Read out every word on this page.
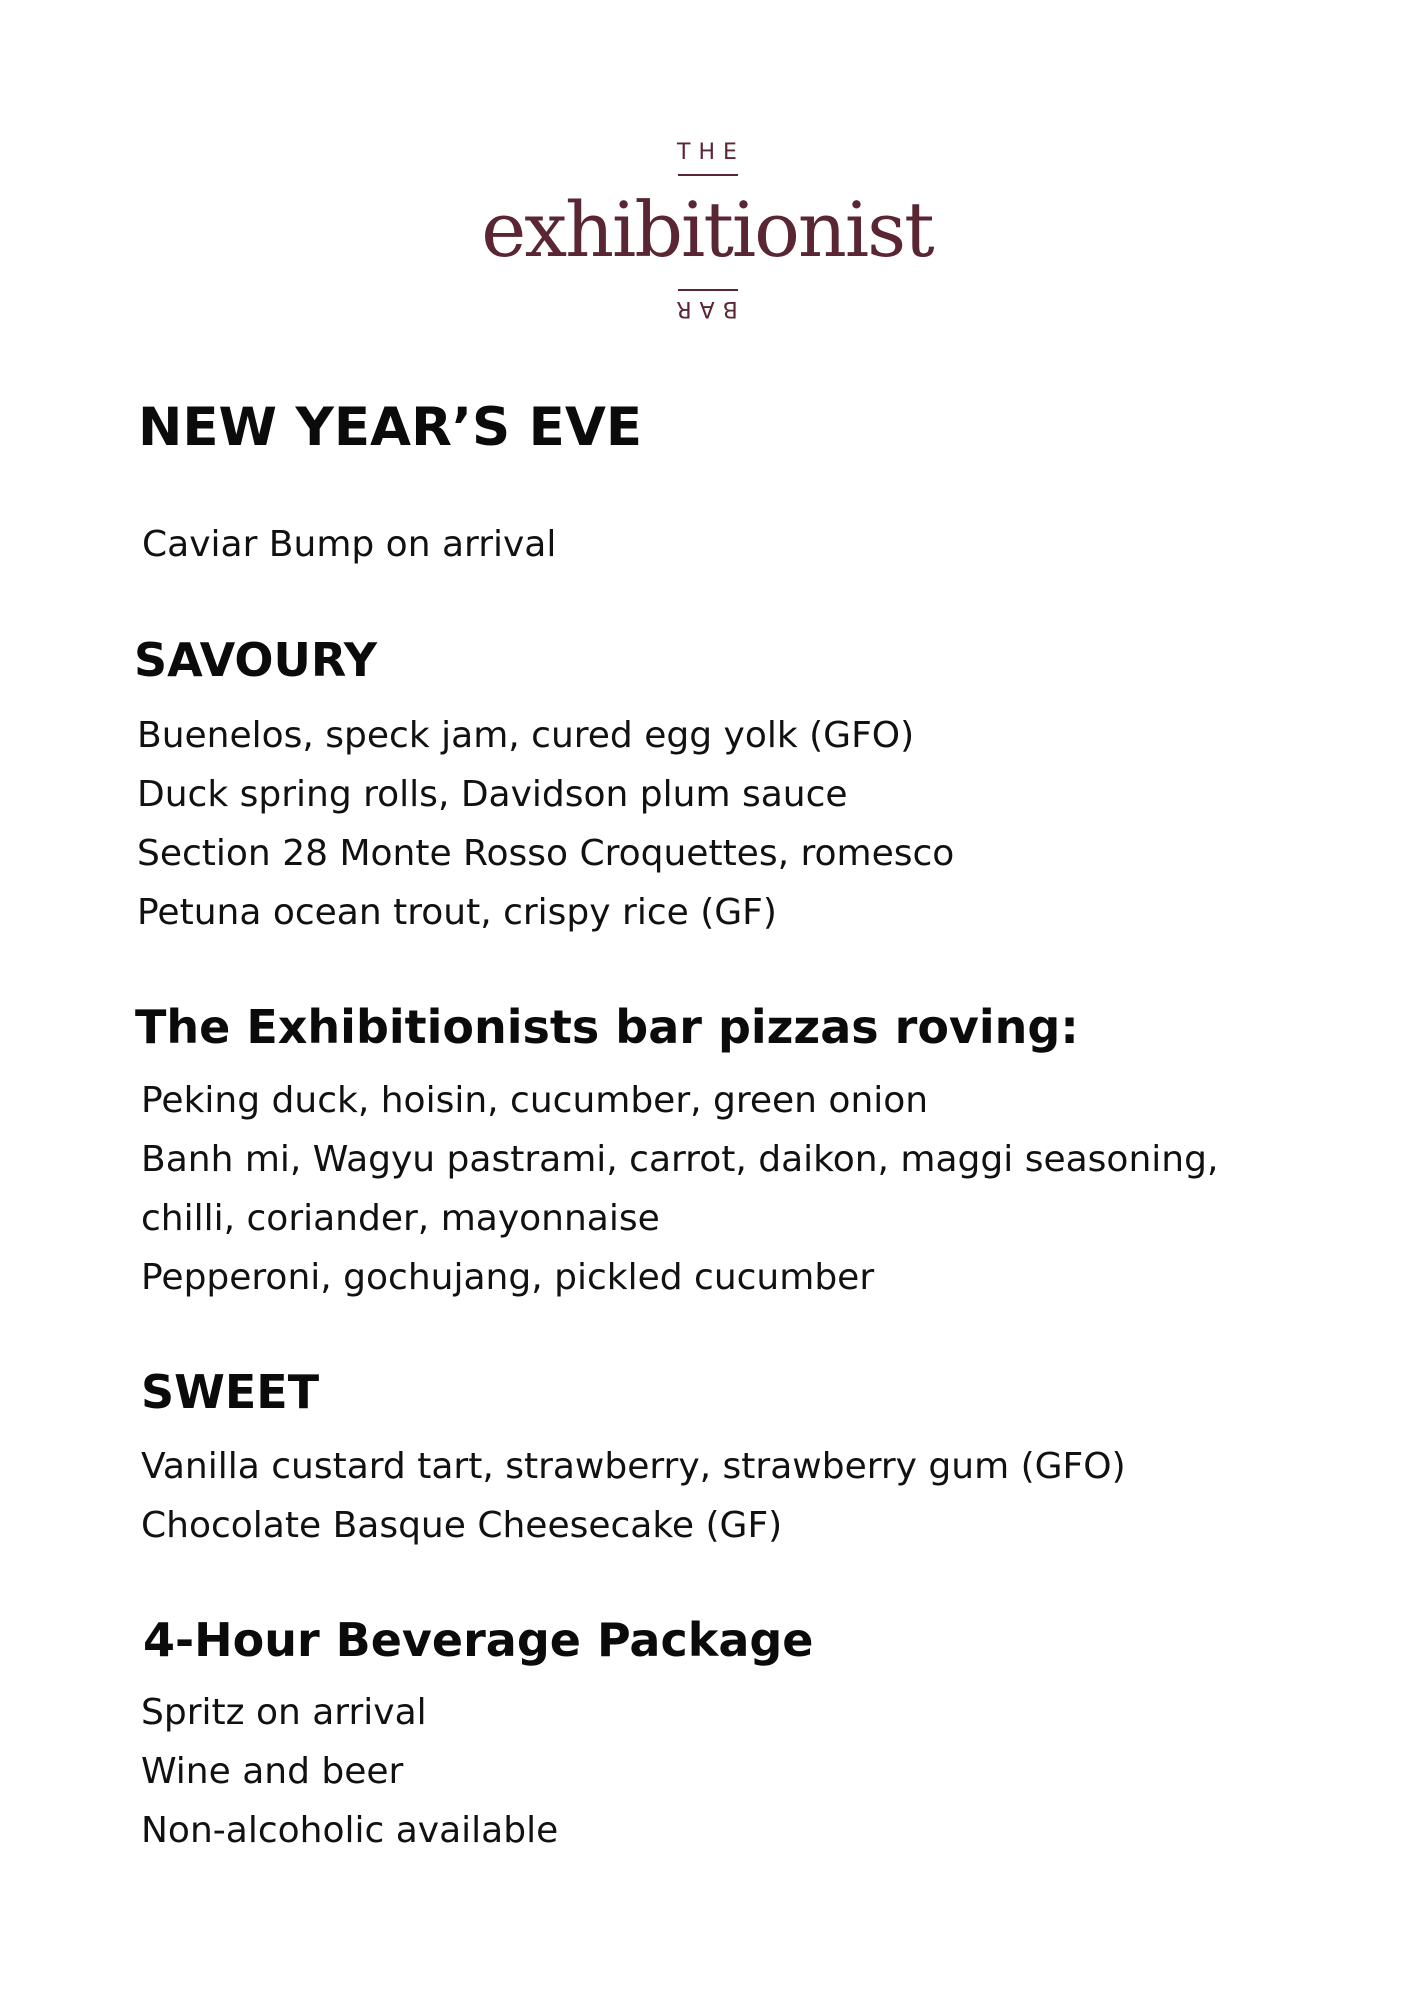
THE
exhibitionist
BAR
NEW YEAR’S EVE

Caviar Bump on arrival

SAVOURY
Buenelos, speck jam, cured egg yolk (GFO)
Duck spring rolls, Davidson plum sauce
Section 28 Monte Rosso Croquettes, romesco
Petuna ocean trout, crispy rice (GF)
The Exhibitionists bar pizzas roving:
Peking duck, hoisin, cucumber, green onion
Banh mi, Wagyu pastrami, carrot, daikon, maggi seasoning,
chilli, coriander, mayonnaise
Pepperoni, gochujang, pickled cucumber
SWEET
Vanilla custard tart, strawberry, strawberry gum (GFO)
Chocolate Basque Cheesecake (GF)
4-Hour Beverage Package
Spritz on arrival
Wine and beer
Non-alcoholic available
